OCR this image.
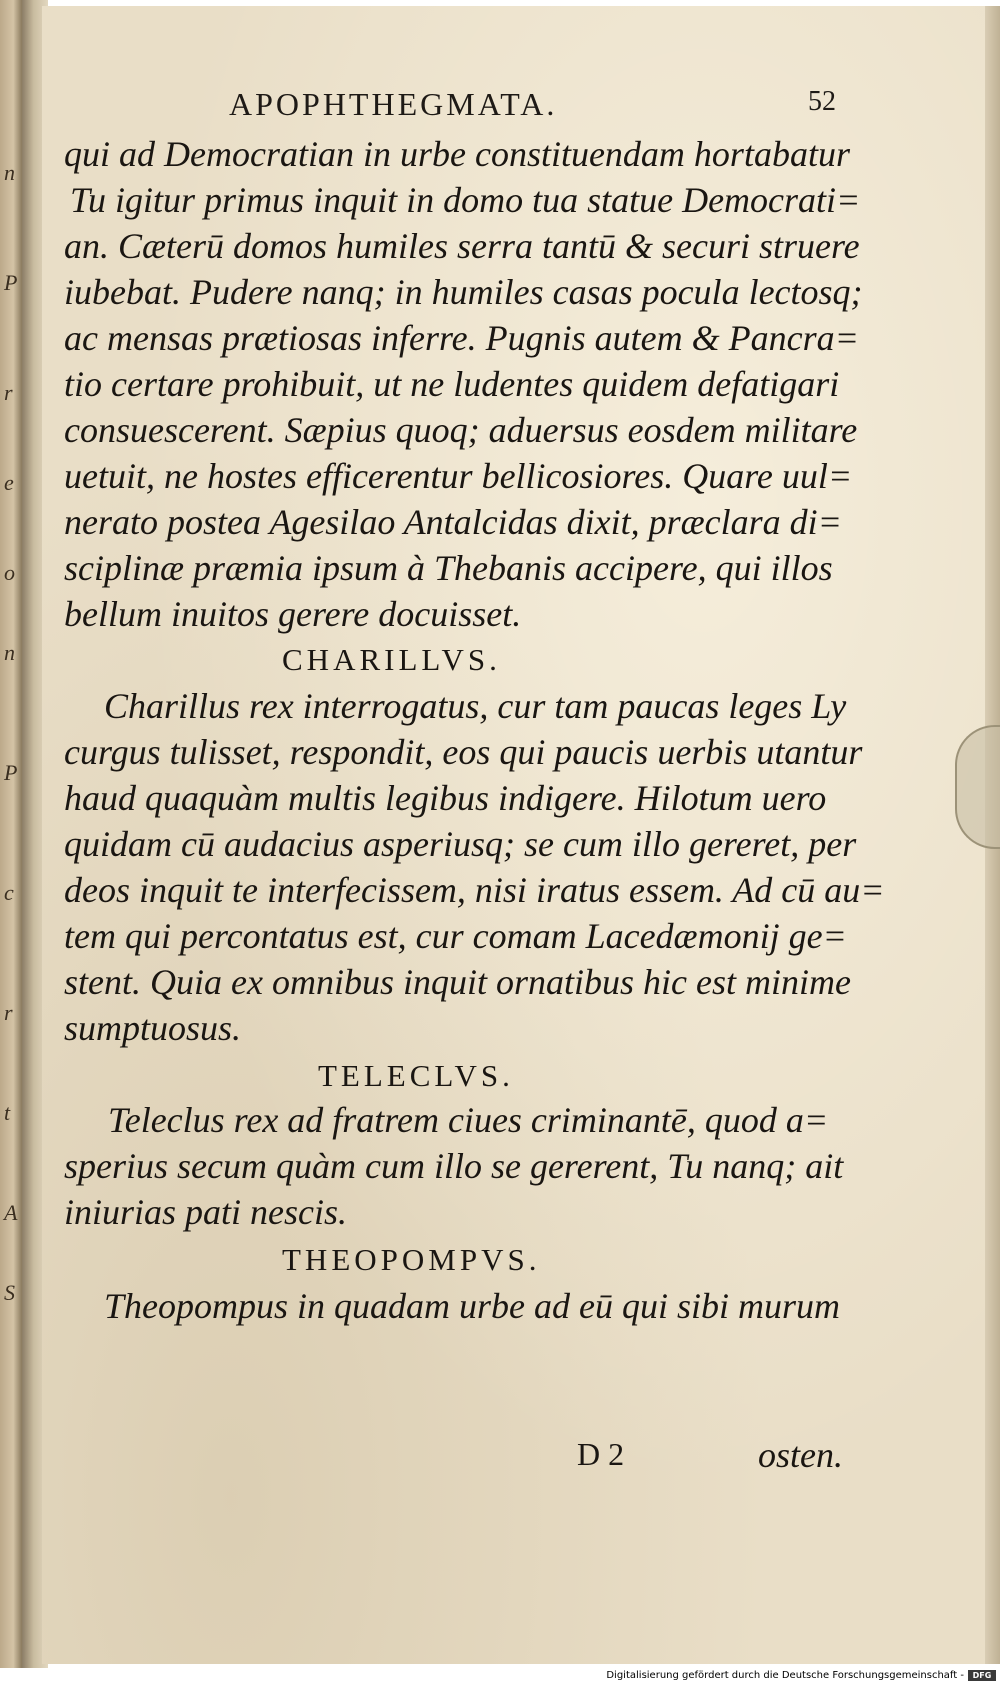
n
P
r
e
o
n
P
c
r
t
A
S
APOPHTHEGMATA.	52
qui ad Democratian in urbe constituendam hortabatur
Tu igitur primus inquit in domo tua statue Democrati=
an. Cæterū domos humiles serra tantū & securi struere
iubebat. Pudere nanq; in humiles casas pocula lectosq;
ac mensas prætiosas inferre. Pugnis autem & Pancra=
tio certare prohibuit, ut ne ludentes quidem defatigari
consuescerent. Sæpius quoq; aduersus eosdem militare
uetuit, ne hostes efficerentur bellicosiores. Quare uul=
nerato postea Agesilao Antalcidas dixit, præclara di=
sciplinæ præmia ipsum à Thebanis accipere, qui illos
bellum inuitos gerere docuisset.
CHARILLVS.
Charillus rex interrogatus, cur tam paucas leges Ly
curgus tulisset, respondit, eos qui paucis uerbis utantur
haud quaquàm multis legibus indigere. Hilotum uero
quidam cū audacius asperiusq; se cum illo gereret, per
deos inquit te interfecissem, nisi iratus essem. Ad cū au=
tem qui percontatus est, cur comam Lacedæmonij ge=
stent. Quia ex omnibus inquit ornatibus hic est minime
sumptuosus.
TELECLVS.
Teleclus rex ad fratrem ciues criminantē, quod a=
sperius secum quàm cum illo se gererent, Tu nanq; ait
iniurias pati nescis.
THEOPOMPVS.
Theopompus in quadam urbe ad eū qui sibi murum
D 2	osten.
Digitalisierung gefördert durch die Deutsche Forschungsgemeinschaft -	DFG
